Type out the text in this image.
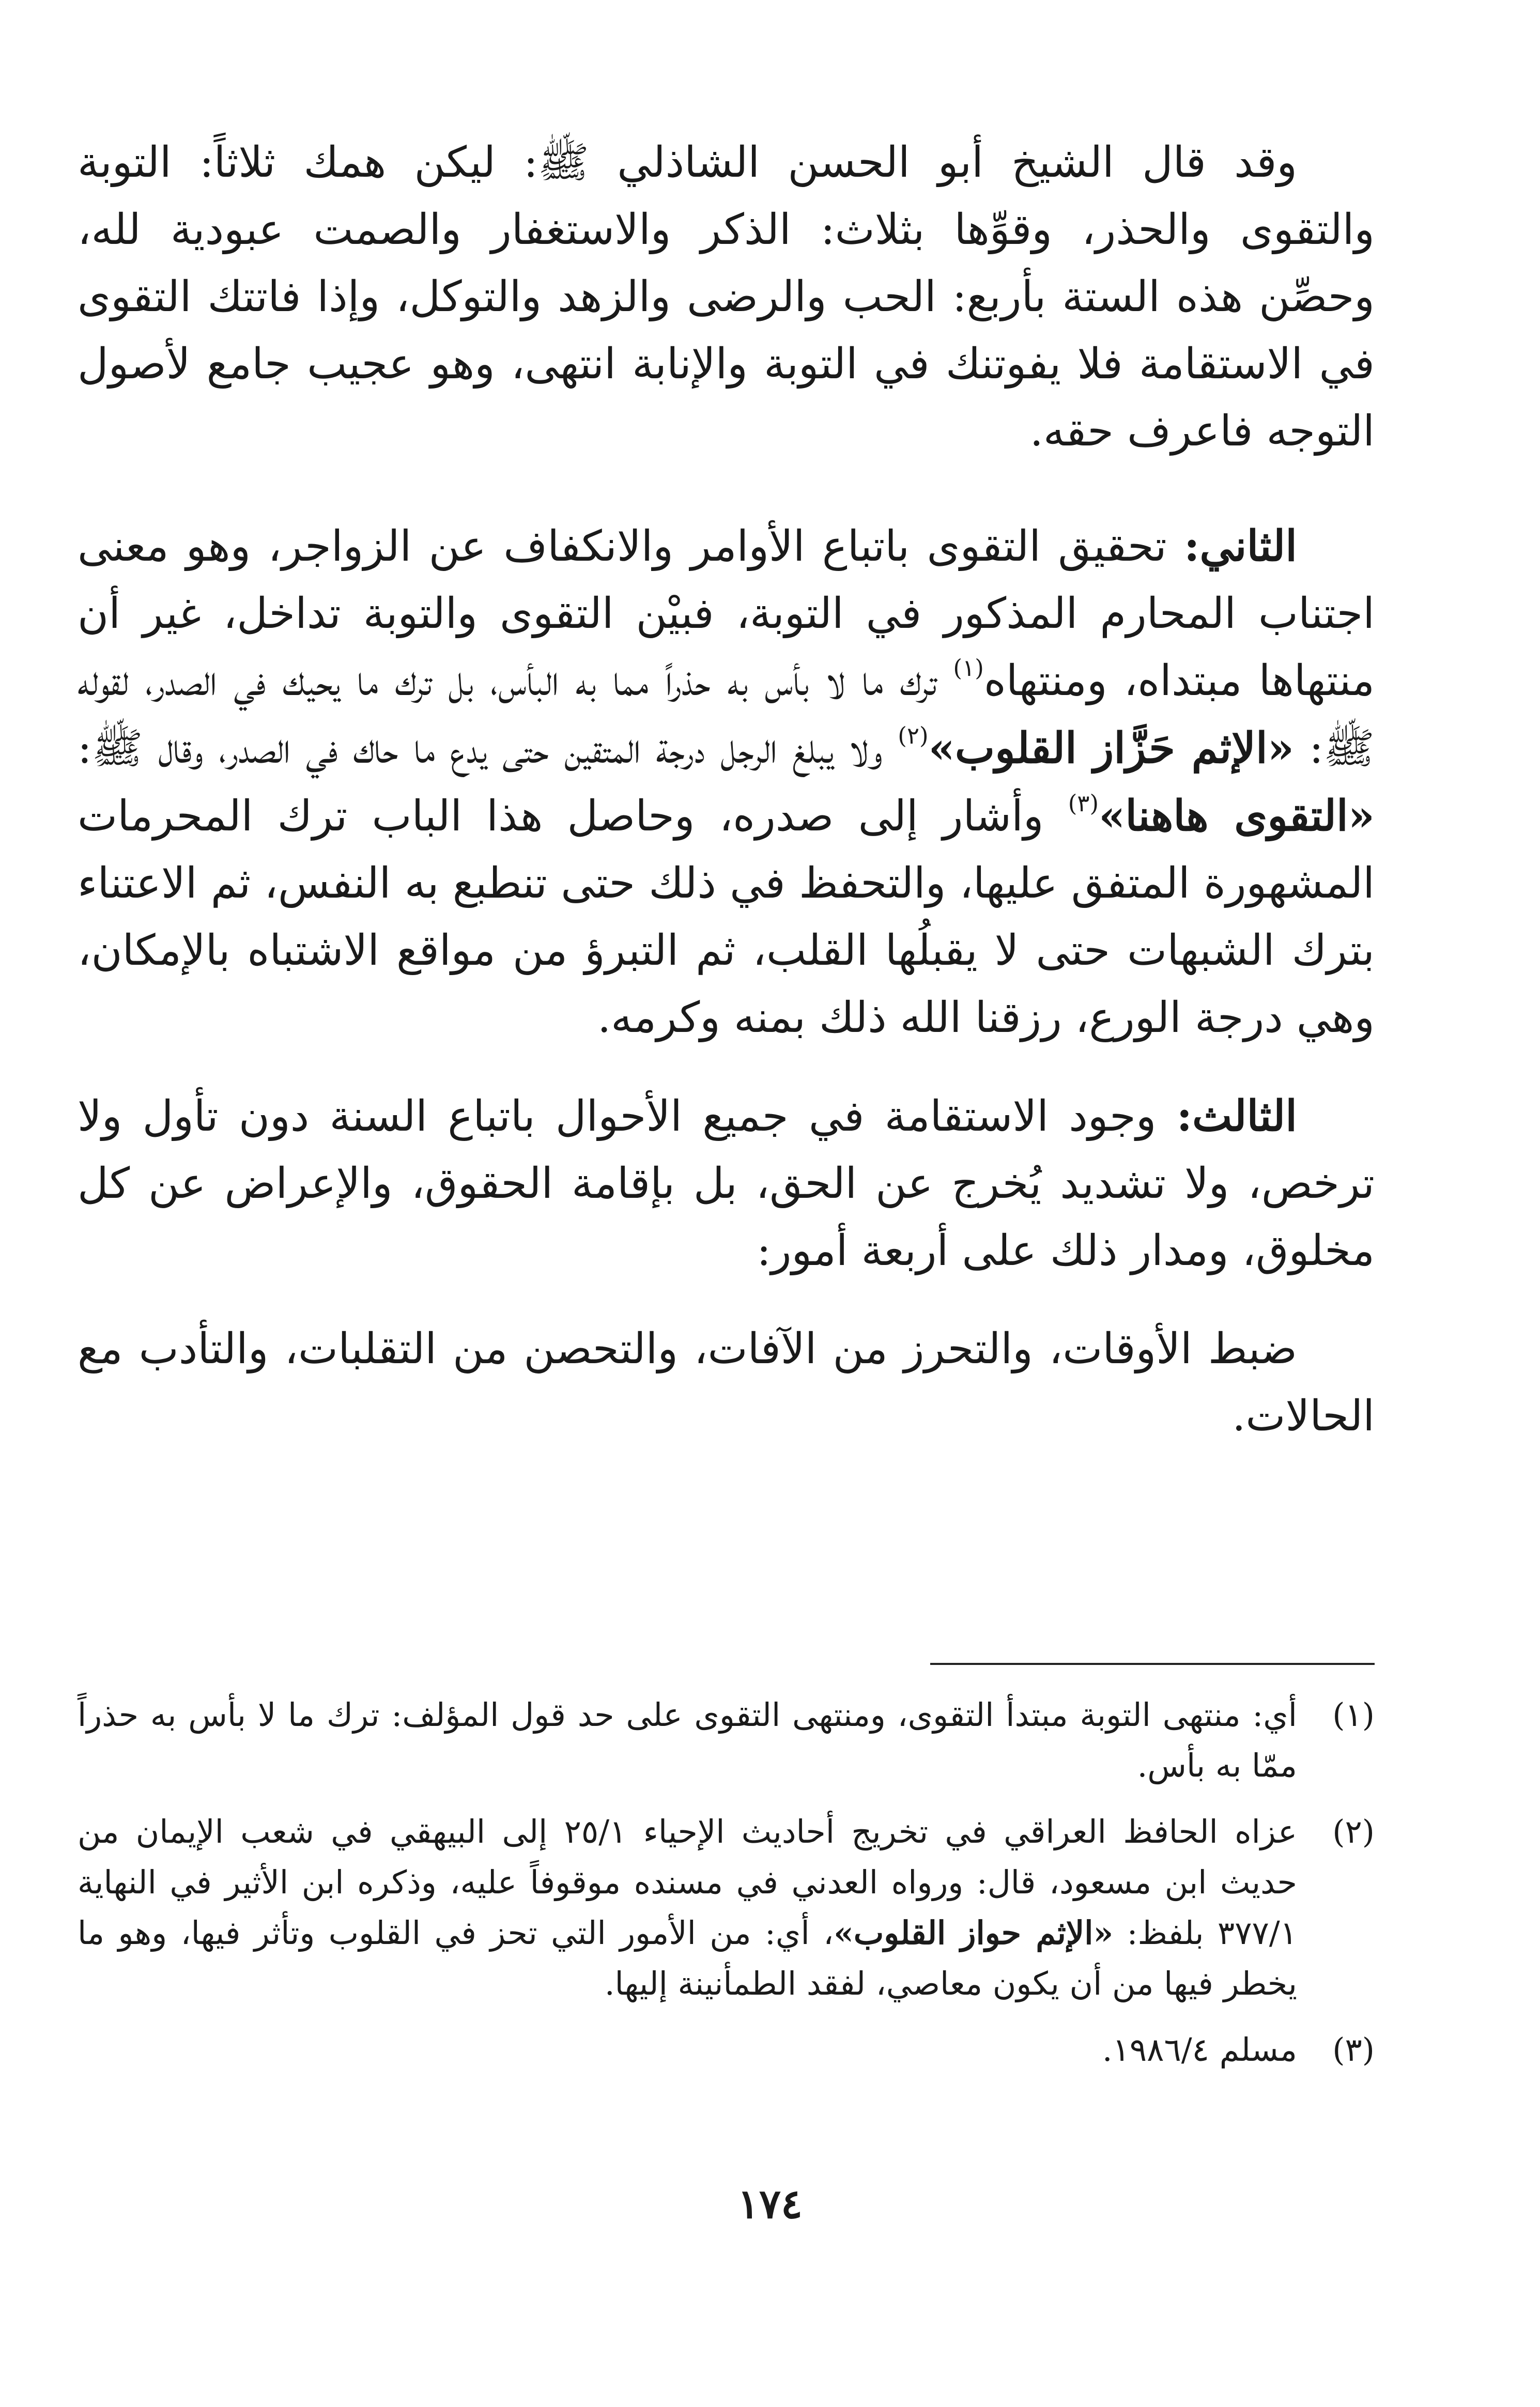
وقد قال الشيخ أبو الحسن الشاذلي ﷺ: ليكن همك ثلاثاً: التوبة والتقوى والحذر، وقوِّها بثلاث: الذكر والاستغفار والصمت عبودية لله، وحصِّن هذه الستة بأربع: الحب والرضى والزهد والتوكل، وإذا فاتتك التقوى في الاستقامة فلا يفوتنك في التوبة والإنابة انتهى، وهو عجيب جامع لأصول التوجه فاعرف حقه.

الثاني: تحقيق التقوى باتباع الأوامر والانكفاف عن الزواجر، وهو معنى اجتناب المحارم المذكور في التوبة، فبيْن التقوى والتوبة تداخل، غير أن منتهاها مبتداه، ومنتهاه$^{(١)}$ ترك ما لا بأس به حذراً مما به البأس، بل ترك ما يحيك في الصدر، لقوله ﷺ: «الإثم حَزَّاز القلوب»$^{(٢)}$ ولا يبلغ الرجل درجة المتقين حتى يدع ما حاك في الصدر، وقال ﷺ: «التقوى هاهنا»$^{(٣)}$ وأشار إلى صدره، وحاصل هذا الباب ترك المحرمات المشهورة المتفق عليها، والتحفظ في ذلك حتى تنطبع به النفس، ثم الاعتناء بترك الشبهات حتى لا يقبلُها القلب، ثم التبرؤ من مواقع الاشتباه بالإمكان، وهي درجة الورع، رزقنا الله ذلك بمنه وكرمه.

الثالث: وجود الاستقامة في جميع الأحوال باتباع السنة دون تأول ولا ترخص، ولا تشديد يُخرج عن الحق، بل بإقامة الحقوق، والإعراض عن كل مخلوق، ومدار ذلك على أربعة أمور:

ضبط الأوقات، والتحرز من الآفات، والتحصن من التقلبات، والتأدب مع الحالات.

(١)
أي: منتهى التوبة مبتدأ التقوى، ومنتهى التقوى على حد قول المؤلف: ترك ما لا بأس به حذراً ممّا به بأس.
(٢)
عزاه الحافظ العراقي في تخريج أحاديث الإحياء ٢٥/١ إلى البيهقي في شعب الإيمان من حديث ابن مسعود، قال: ورواه العدني في مسنده موقوفاً عليه، وذكره ابن الأثير في النهاية ٣٧٧/١ بلفظ: «الإثم حواز القلوب»، أي: من الأمور التي تحز في القلوب وتأثر فيها، وهو ما يخطر فيها من أن يكون معاصي، لفقد الطمأنينة إليها.
(٣)
مسلم ١٩٨٦/٤.
١٧٤
